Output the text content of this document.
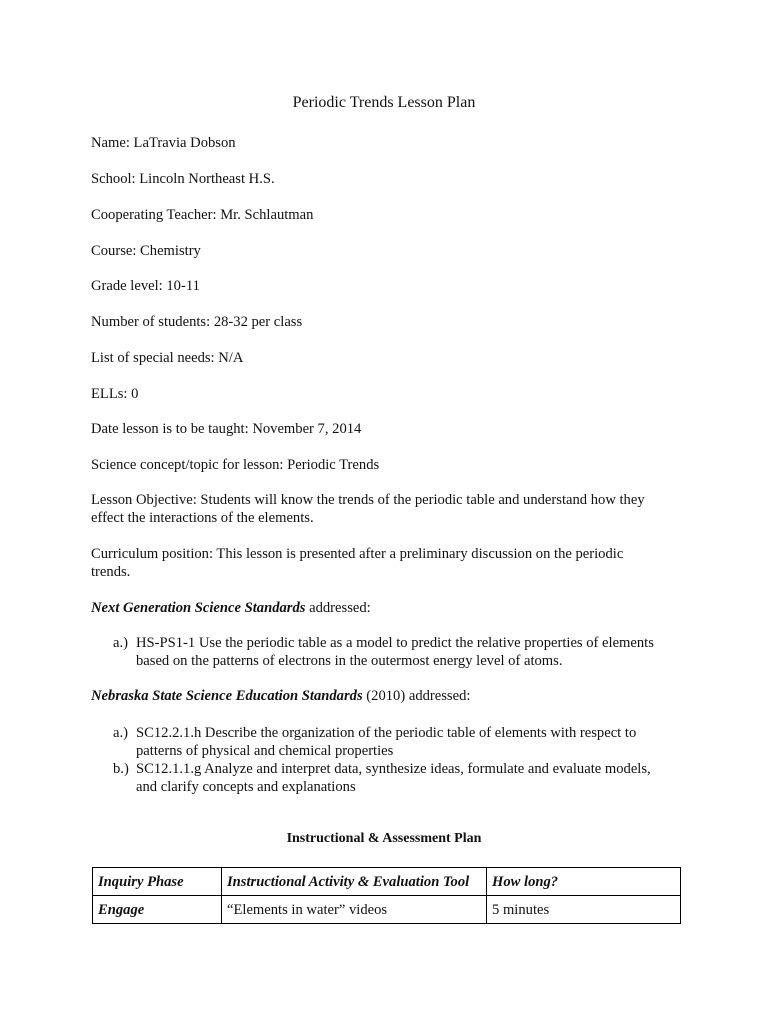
Periodic Trends Lesson Plan
Name: LaTravia Dobson
School: Lincoln Northeast H.S.
Cooperating Teacher: Mr. Schlautman
Course: Chemistry
Grade level: 10-11
Number of students: 28-32 per class
List of special needs: N/A
ELLs: 0
Date lesson is to be taught: November 7, 2014
Science concept/topic for lesson: Periodic Trends
Lesson Objective: Students will know the trends of the periodic table and understand how they
effect the interactions of the elements.
Curriculum position: This lesson is presented after a preliminary discussion on the periodic
trends.
Next Generation Science Standards addressed:
a.) HS-PS1-1 Use the periodic table as a model to predict the relative properties of elements
based on the patterns of electrons in the outermost energy level of atoms.
Nebraska State Science Education Standards (2010) addressed:
a.) SC12.2.1.h Describe the organization of the periodic table of elements with respect to
patterns of physical and chemical properties
b.) SC12.1.1.g Analyze and interpret data, synthesize ideas, formulate and evaluate models,
and clarify concepts and explanations
Instructional & Assessment Plan
Inquiry Phase	Instructional Activity & Evaluation Tool	How long?
Engage	“Elements in water” videos	5 minutes
